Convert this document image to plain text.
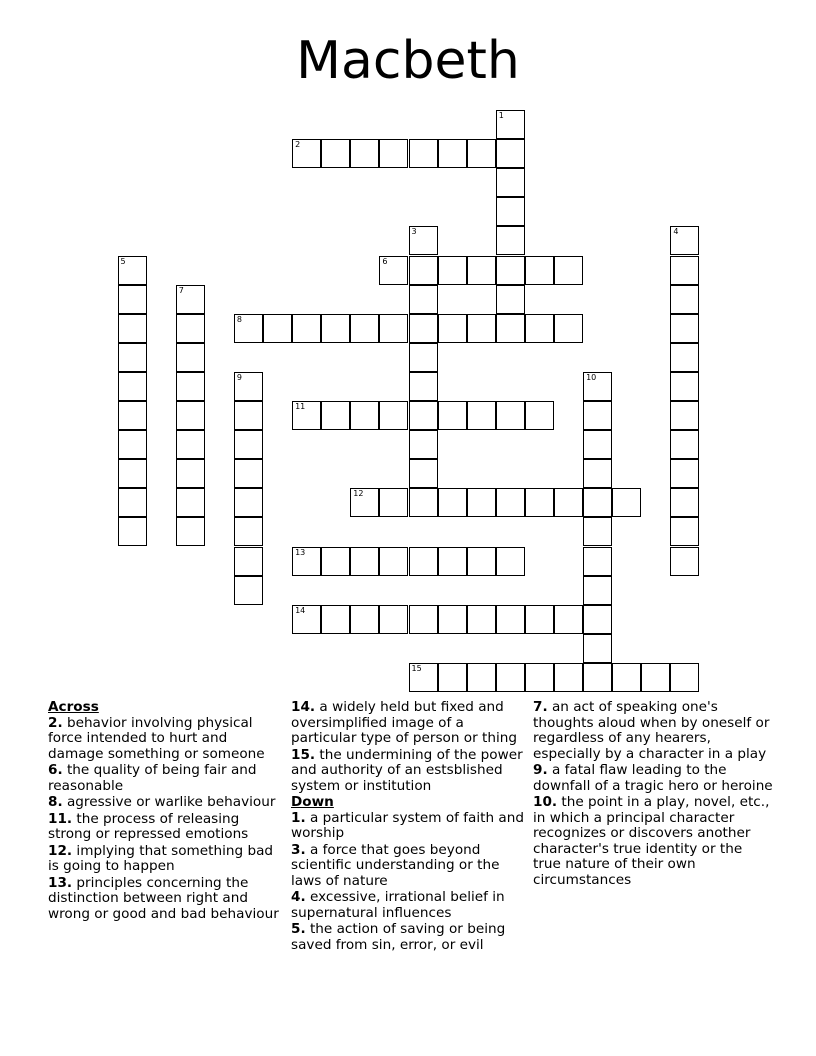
Macbeth
1
2
3	4
5	6
7
8
9	10
11
12
13
14
15
Across
2. behavior involving physical force intended to hurt and damage something or someone
6. the quality of being fair and reasonable
8. agressive or warlike behaviour
11. the process of releasing strong or repressed emotions
12. implying that something bad is going to happen
13. principles concerning the distinction between right and wrong or good and bad behaviour
14. a widely held but fixed and oversimplified image of a particular type of person or thing
15. the undermining of the power and authority of an estsblished system or institution
Down
1. a particular system of faith and worship
3. a force that goes beyond scientific understanding or the laws of nature
4. excessive, irrational belief in supernatural influences
5. the action of saving or being saved from sin, error, or evil
7. an act of speaking one's thoughts aloud when by oneself or regardless of any hearers, especially by a character in a play
9. a fatal flaw leading to the downfall of a tragic hero or heroine
10. the point in a play, novel, etc., in which a principal character recognizes or discovers another character's true identity or the true nature of their own circumstances
